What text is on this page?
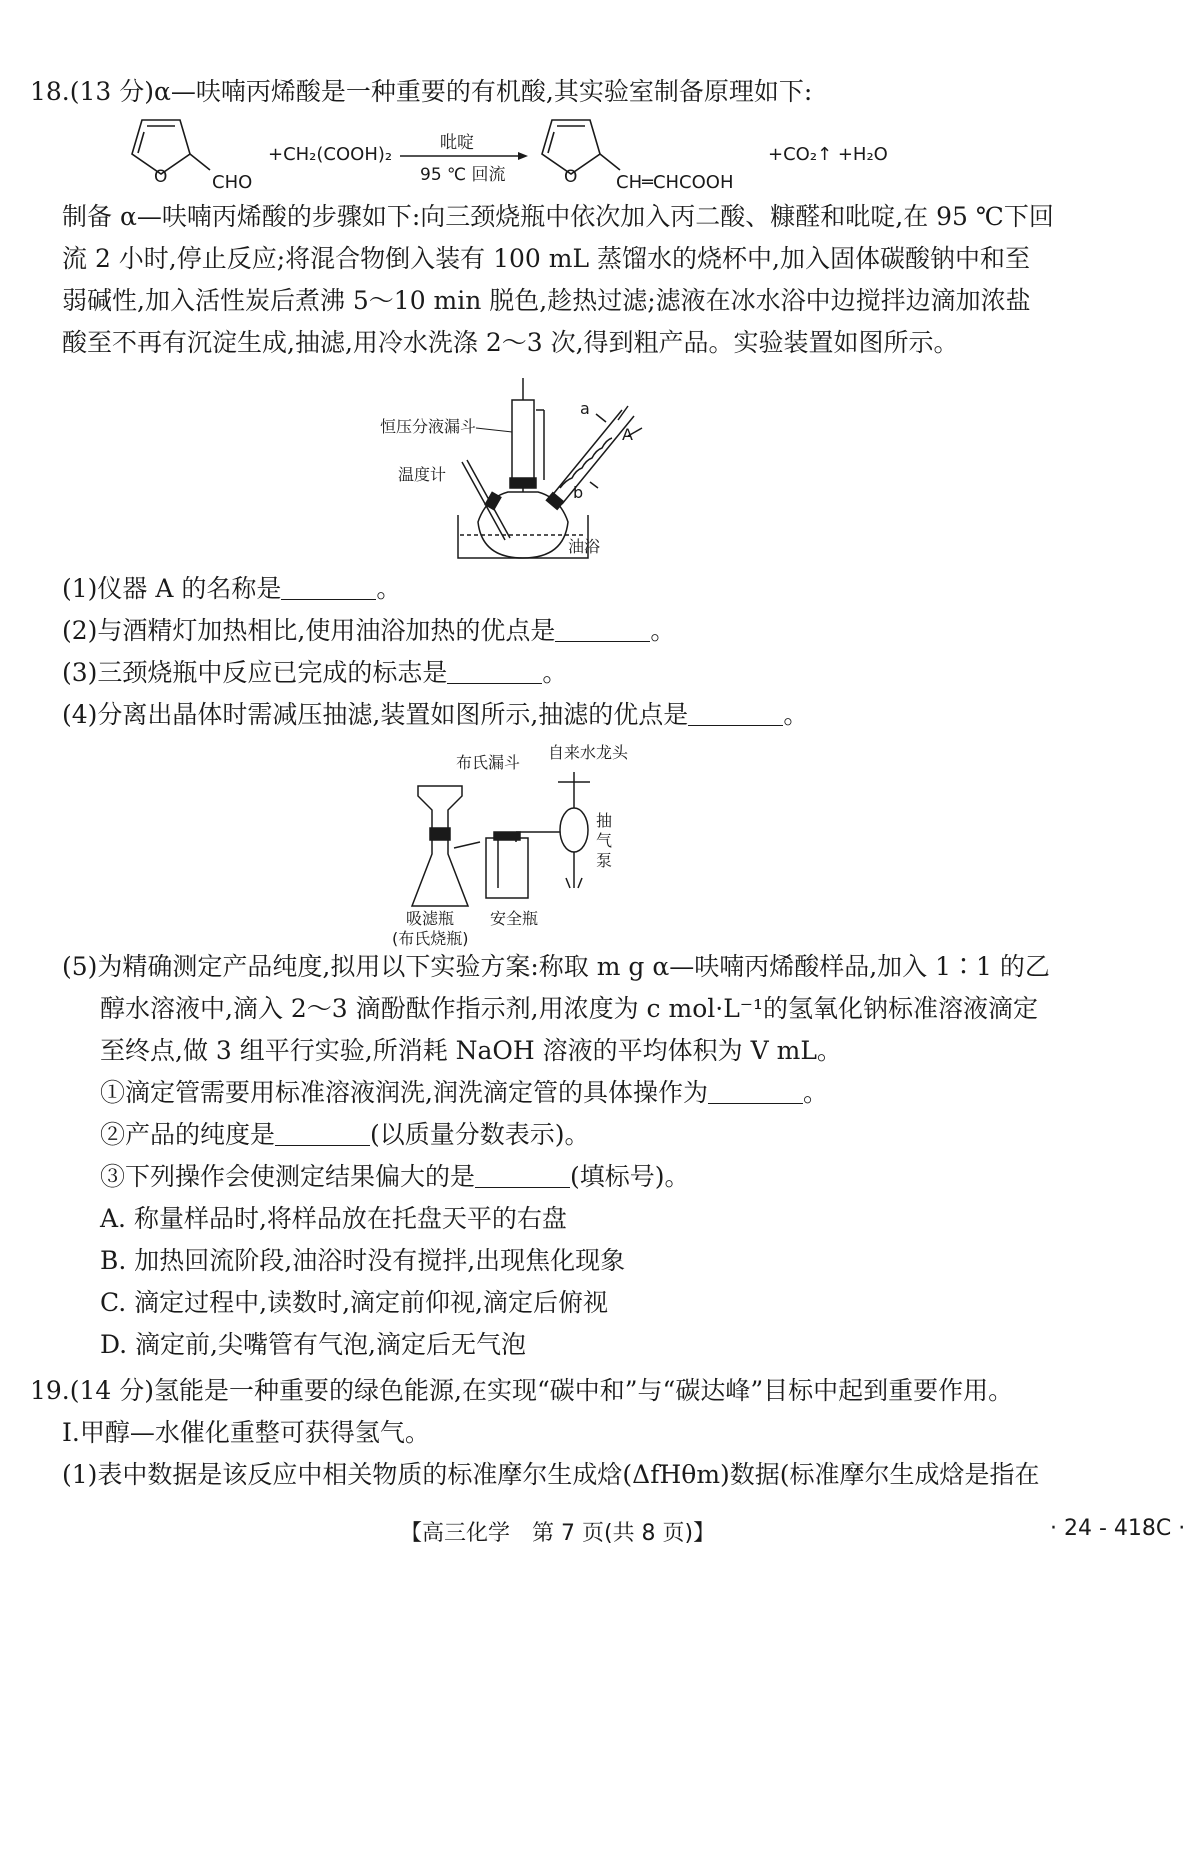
18.(13 分)α—呋喃丙烯酸是一种重要的有机酸,其实验室制备原理如下:
O CHO
+CH₂(COOH)₂
吡啶
95 ℃ 回流	O CH═CHCOOH
+CO₂↑ +H₂O
制备 α—呋喃丙烯酸的步骤如下:向三颈烧瓶中依次加入丙二酸、糠醛和吡啶,在 95 ℃下回
流 2 小时,停止反应;将混合物倒入装有 100 mL 蒸馏水的烧杯中,加入固体碳酸钠中和至
弱碱性,加入活性炭后煮沸 5～10 min 脱色,趁热过滤;滤液在冰水浴中边搅拌边滴加浓盐
酸至不再有沉淀生成,抽滤,用冷水洗涤 2～3 次,得到粗产品。实验装置如图所示。
恒压分液漏斗
温度计
a
A
b
油浴
(1)仪器 A 的名称是	。
(2)与酒精灯加热相比,使用油浴加热的优点是	。
(3)三颈烧瓶中反应已完成的标志是	。
(4)分离出晶体时需减压抽滤,装置如图所示,抽滤的优点是	。
布氏漏斗
自来水龙头
抽
气
泵
吸滤瓶
(布氏烧瓶)
安全瓶
(5)为精确测定产品纯度,拟用以下实验方案:称取 m g α—呋喃丙烯酸样品,加入 1∶1 的乙
醇水溶液中,滴入 2～3 滴酚酞作指示剂,用浓度为 c mol·L⁻¹的氢氧化钠标准溶液滴定
至终点,做 3 组平行实验,所消耗 NaOH 溶液的平均体积为 V mL。
①滴定管需要用标准溶液润洗,润洗滴定管的具体操作为	。
②产品的纯度是	(以质量分数表示)。
③下列操作会使测定结果偏大的是	(填标号)。
A. 称量样品时,将样品放在托盘天平的右盘
B. 加热回流阶段,油浴时没有搅拌,出现焦化现象
C. 滴定过程中,读数时,滴定前仰视,滴定后俯视
D. 滴定前,尖嘴管有气泡,滴定后无气泡
19.(14 分)氢能是一种重要的绿色能源,在实现“碳中和”与“碳达峰”目标中起到重要作用。
Ⅰ.甲醇—水催化重整可获得氢气。
(1)表中数据是该反应中相关物质的标准摩尔生成焓(ΔfHθm)数据(标准摩尔生成焓是指在
【高三化学　第 7 页(共 8 页)】	· 24 - 418C ·
